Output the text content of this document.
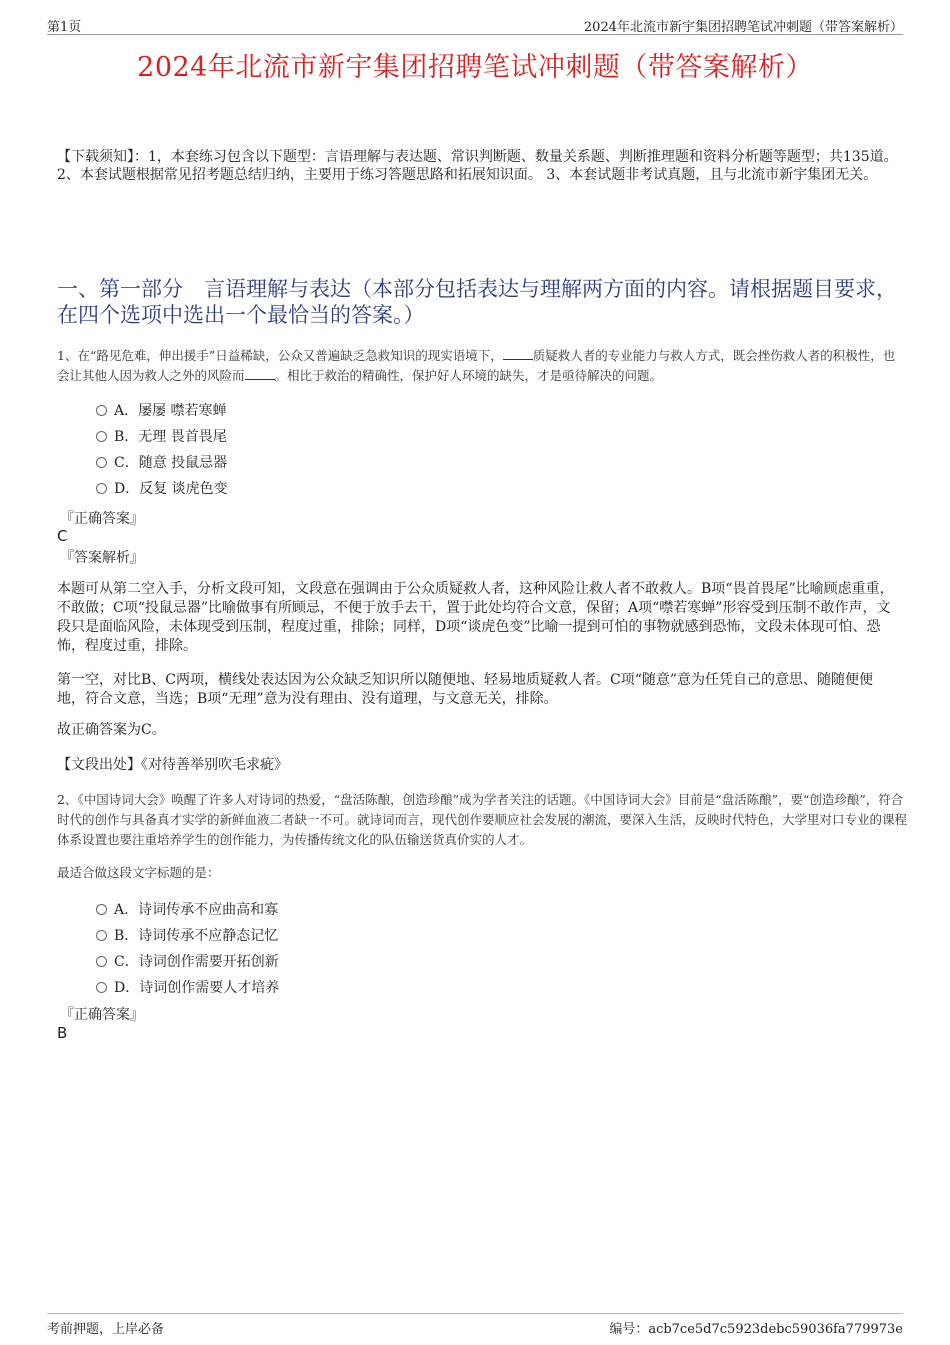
第1页	2024年北流市新宇集团招聘笔试冲刺题（带答案解析）
2024年北流市新宇集团招聘笔试冲刺题（带答案解析）
【下载须知】：1，本套练习包含以下题型：言语理解与表达题、常识判断题、数量关系题、判断推理题和资料分析题等题型；共135道。 2、本套试题根据常见招考题总结归纳，主要用于练习答题思路和拓展知识面。 3、本套试题非考试真题，且与北流市新宇集团无关。
一、第一部分　言语理解与表达（本部分包括表达与理解两方面的内容。请根据题目要求，在四个选项中选出一个最恰当的答案。）
1、在“路见危难，伸出援手”日益稀缺，公众又普遍缺乏急救知识的现实语境下， 质疑救人者的专业能力与救人方式，既会挫伤救人者的积极性，也会让其他人因为救人之外的风险而 。相比于救治的精确性，保护好人环境的缺失，才是亟待解决的问题。
A．屡屡 噤若寒蝉
B．无理 畏首畏尾
C．随意 投鼠忌器
D．反复 谈虎色变
『正确答案』
C
『答案解析』
本题可从第二空入手，分析文段可知，文段意在强调由于公众质疑救人者，这种风险让救人者不敢救人。B项“畏首畏尾”比喻顾虑重重，不敢做；C项“投鼠忌器”比喻做事有所顾忌，不便于放手去干，置于此处均符合文意，保留；A项“噤若寒蝉”形容受到压制不敢作声，文段只是面临风险，未体现受到压制，程度过重，排除；同样，D项“谈虎色变”比喻一提到可怕的事物就感到恐怖，文段未体现可怕、恐怖，程度过重，排除。
第一空，对比B、C两项，横线处表达因为公众缺乏知识所以随便地、轻易地质疑救人者。C项“随意”意为任凭自己的意思、随随便便地，符合文意，当选；B项“无理”意为没有理由、没有道理，与文意无关，排除。
故正确答案为C。
【文段出处】《对待善举别吹毛求疵》
2、《中国诗词大会》唤醒了许多人对诗词的热爱，“盘活陈酿，创造珍酿”成为学者关注的话题。《中国诗词大会》目前是“盘活陈酿”，要“创造珍酿”，符合时代的创作与具备真才实学的新鲜血液二者缺一不可。就诗词而言，现代创作要顺应社会发展的潮流，要深入生活，反映时代特色，大学里对口专业的课程体系设置也要注重培养学生的创作能力，为传播传统文化的队伍输送货真价实的人才。
最适合做这段文字标题的是：
A．诗词传承不应曲高和寡
B．诗词传承不应静态记忆
C．诗词创作需要开拓创新
D．诗词创作需要人才培养
『正确答案』
B
考前押题，上岸必备	编号：acb7ce5d7c5923debc59036fa779973e
